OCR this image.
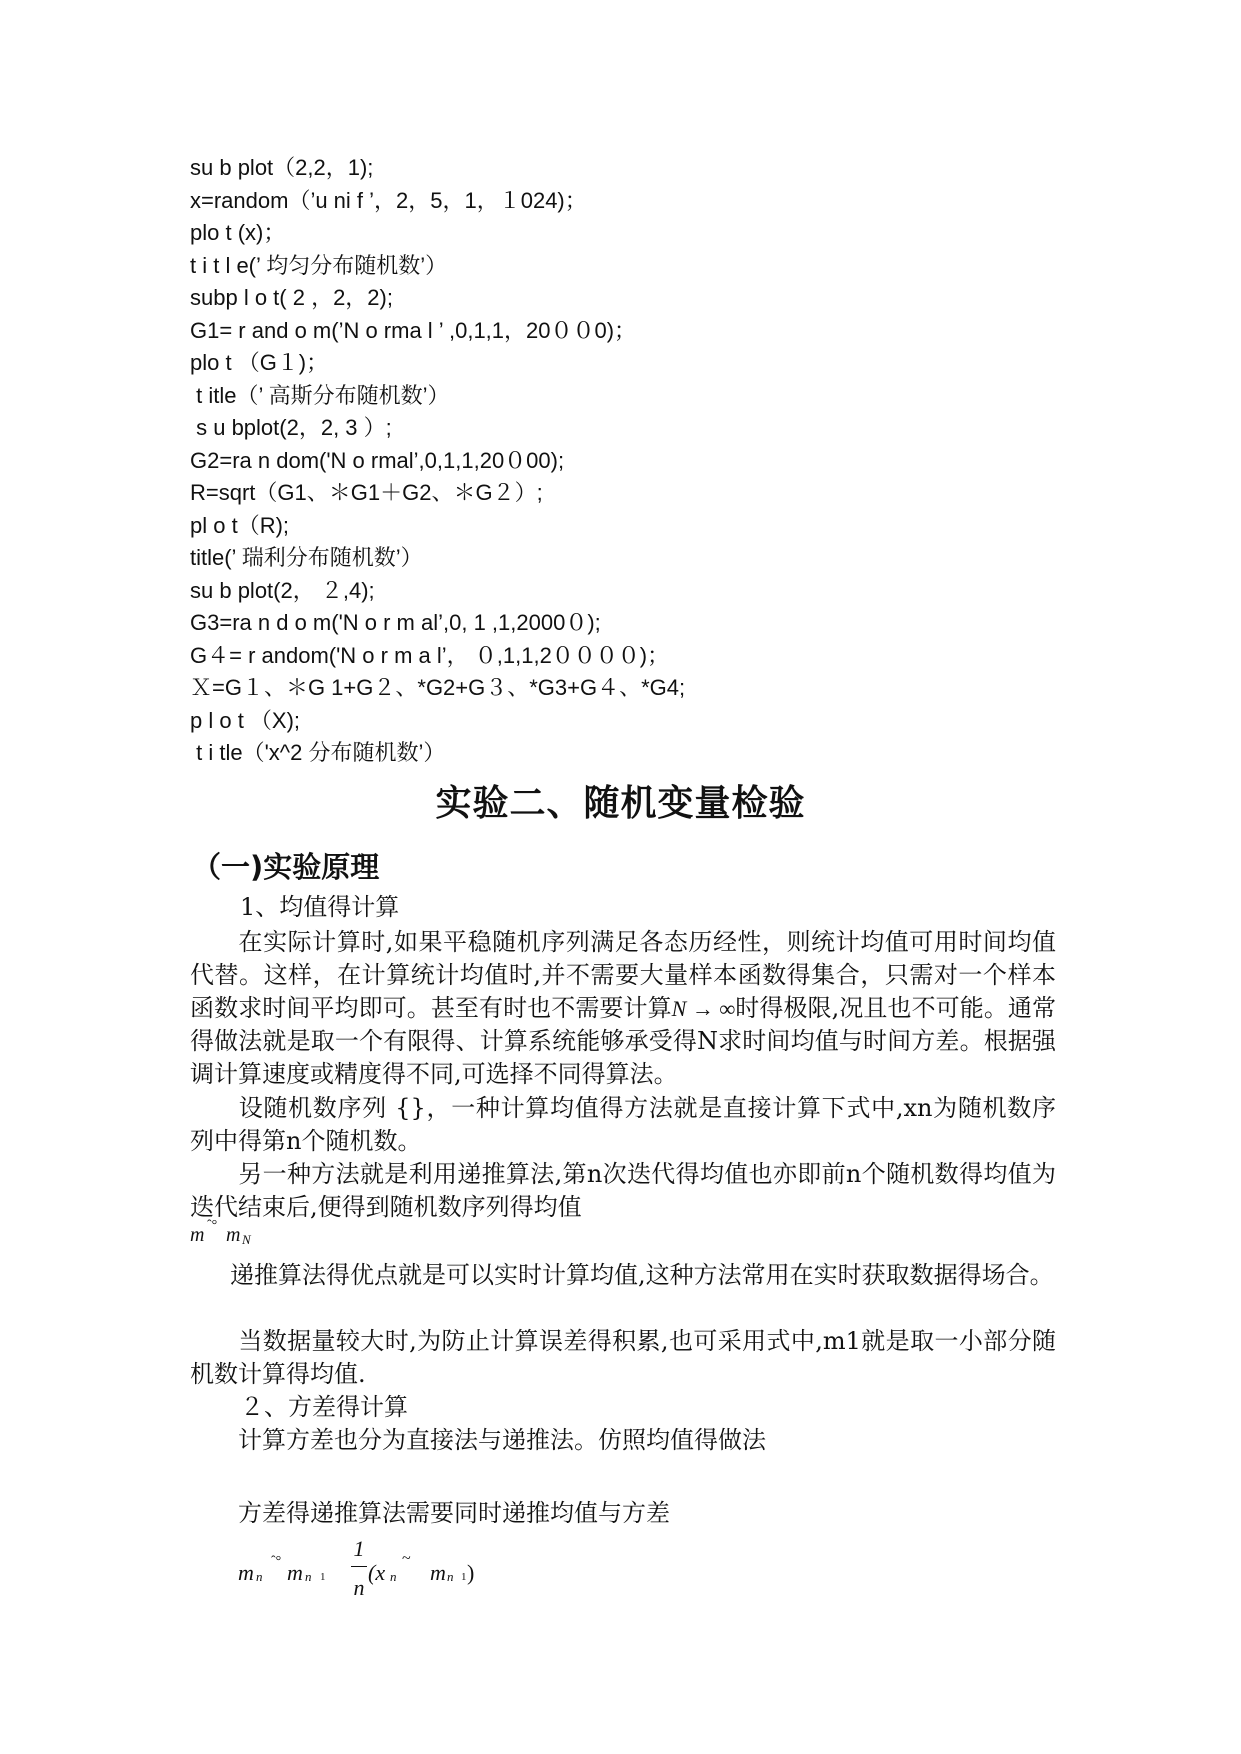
su b plot（2,2，1);
x=random（’u ni f ’，2，5，1，１024)；
plo t (x)；
t i t l e(’ 均匀分布随机数’）
subp l o t( 2 ，2，2);
G1= r and o m(’N o rma l ’ ,0,1,1，20００0)；
plo t （G１)；
t itle（’ 高斯分布随机数’）
s u bplot(2，2, 3 ）;
G2=ra n dom('N o rmal’,0,1,1,20０00);
R=sqrt（G1、＊G1＋G2、＊G２）;
pl o t（R);
title(’ 瑞利分布随机数’）
su b plot(2， ２,4);
G3=ra n d o m('N o r m al’,0, 1 ,1,2000０);
G４= r andom('N o r m a l’， ０,1,1,2００００)；
Ｘ=G１、＊G 1+G２、*G2+G３、*G3+G４、*G4;
p l o t （X);
t i tle（'x^2 分布随机数’）
实验二、随机变量检验
（一)实验原理
1、均值得计算
在实际计算时,如果平稳随机序列满足各态历经性，则统计均值可用时间均值代替。这样，在计算统计均值时,并不需要大量样本函数得集合，只需对一个样本函数求时间平均即可。甚至有时也不需要计算N → ∞时得极限,况且也不可能。通常得做法就是取一个有限得、计算系统能够承受得N求时间均值与时间方差。根据强调计算速度或精度得不同,可选择不同得算法。
设随机数序列 {}，一种计算均值得方法就是直接计算下式中,xn为随机数序列中得第n个随机数。
另一种方法就是利用递推算法,第n次迭代得均值也亦即前n个随机数得均值为迭代结束后,便得到随机数序列得均值
m ˆ° m N
递推算法得优点就是可以实时计算均值,这种方法常用在实时获取数据得场合。
当数据量较大时,为防止计算误差得积累,也可采用式中,m1就是取一小部分随机数计算得均值.
２、方差得计算
计算方差也分为直接法与递推法。仿照均值得做法
方差得递推算法需要同时递推均值与方差
m n
ˆ° m n 1
1
n
(x n
~
m n 1 )
